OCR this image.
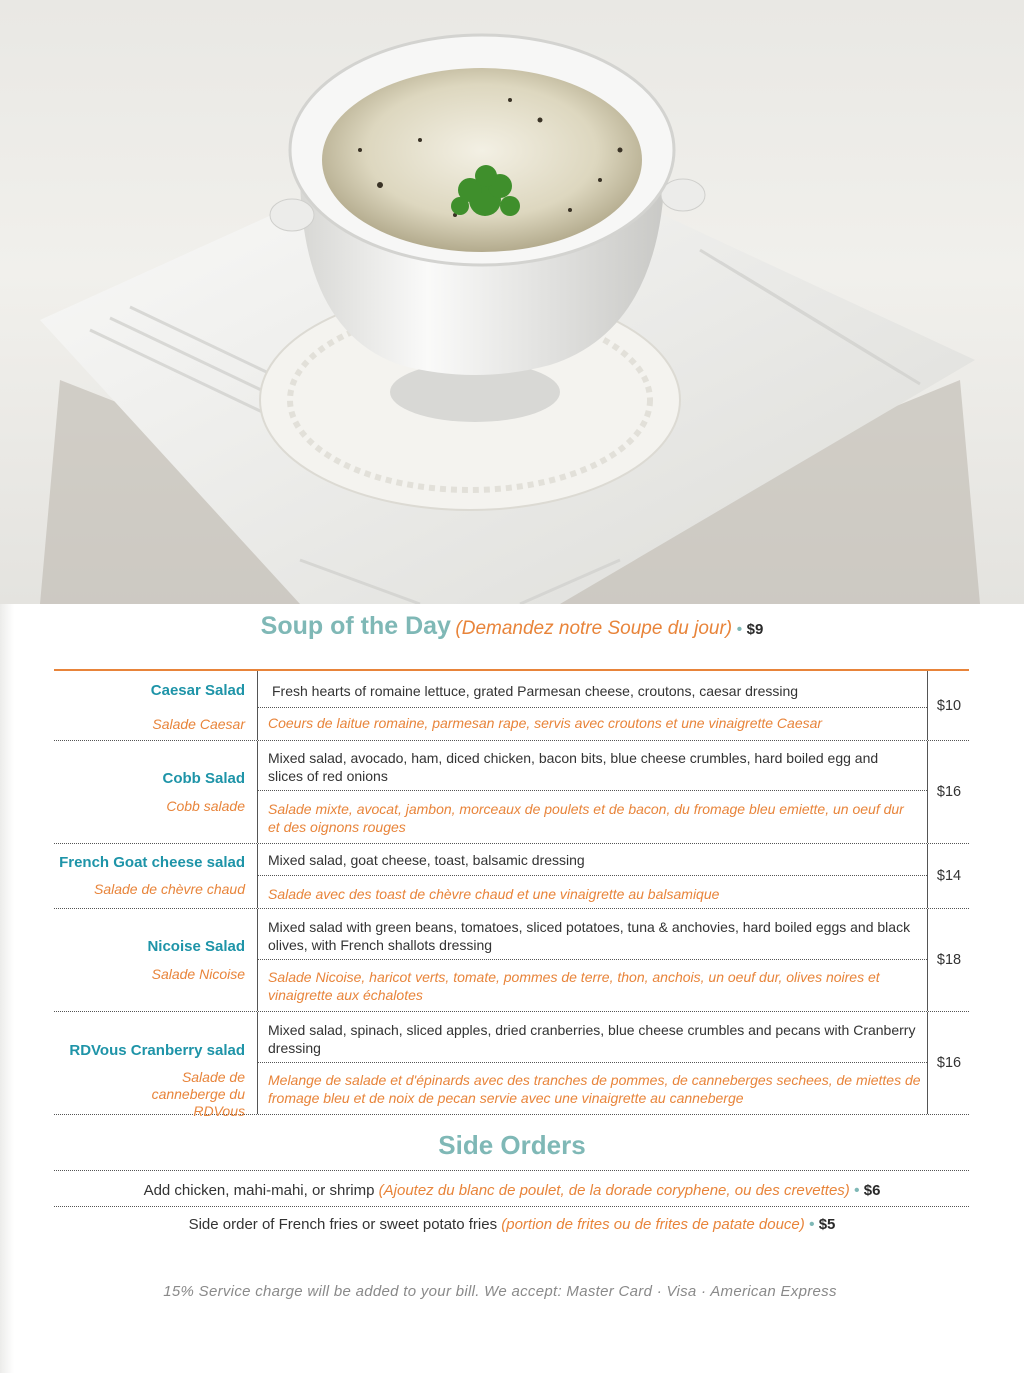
Soup of the Day (Demandez notre Soupe du jour) • $9
Caesar Salad
Salade Caesar
Fresh hearts of romaine lettuce, grated Parmesan cheese, croutons, caesar dressing
Coeurs de laitue romaine, parmesan rape, servis avec croutons et une vinaigrette Caesar
$10
Cobb Salad
Cobb salade
Mixed salad, avocado, ham, diced chicken, bacon bits, blue cheese crumbles, hard boiled egg and slices of red onions
Salade mixte, avocat, jambon, morceaux de poulets et de bacon, du fromage bleu emiette, un oeuf dur et des oignons rouges
$16
French Goat cheese salad
Salade de chèvre chaud
Mixed salad, goat cheese, toast, balsamic dressing
Salade avec des toast de chèvre chaud et une vinaigrette au balsamique
$14
Nicoise Salad
Salade Nicoise
Mixed salad with green beans, tomatoes, sliced potatoes, tuna & anchovies, hard boiled eggs and black olives, with French shallots dressing
Salade Nicoise, haricot verts, tomate, pommes de terre, thon, anchois, un oeuf dur, olives noires et vinaigrette aux échalotes
$18
RDVous Cranberry salad
Salade de canneberge du RDVous
Mixed salad, spinach, sliced apples, dried cranberries, blue cheese crumbles and pecans with Cranberry dressing
Melange de salade et d'épinards avec des tranches de pommes, de canneberges sechees, de miettes de fromage bleu et de noix de pecan servie avec une vinaigrette au canneberge
$16
Side Orders
Add chicken, mahi-mahi, or shrimp (Ajoutez du blanc de poulet, de la dorade coryphene, ou des crevettes) • $6
Side order of French fries or sweet potato fries (portion de frites ou de frites de patate douce) • $5
15% Service charge will be added to your bill. We accept: Master Card · Visa · American Express
